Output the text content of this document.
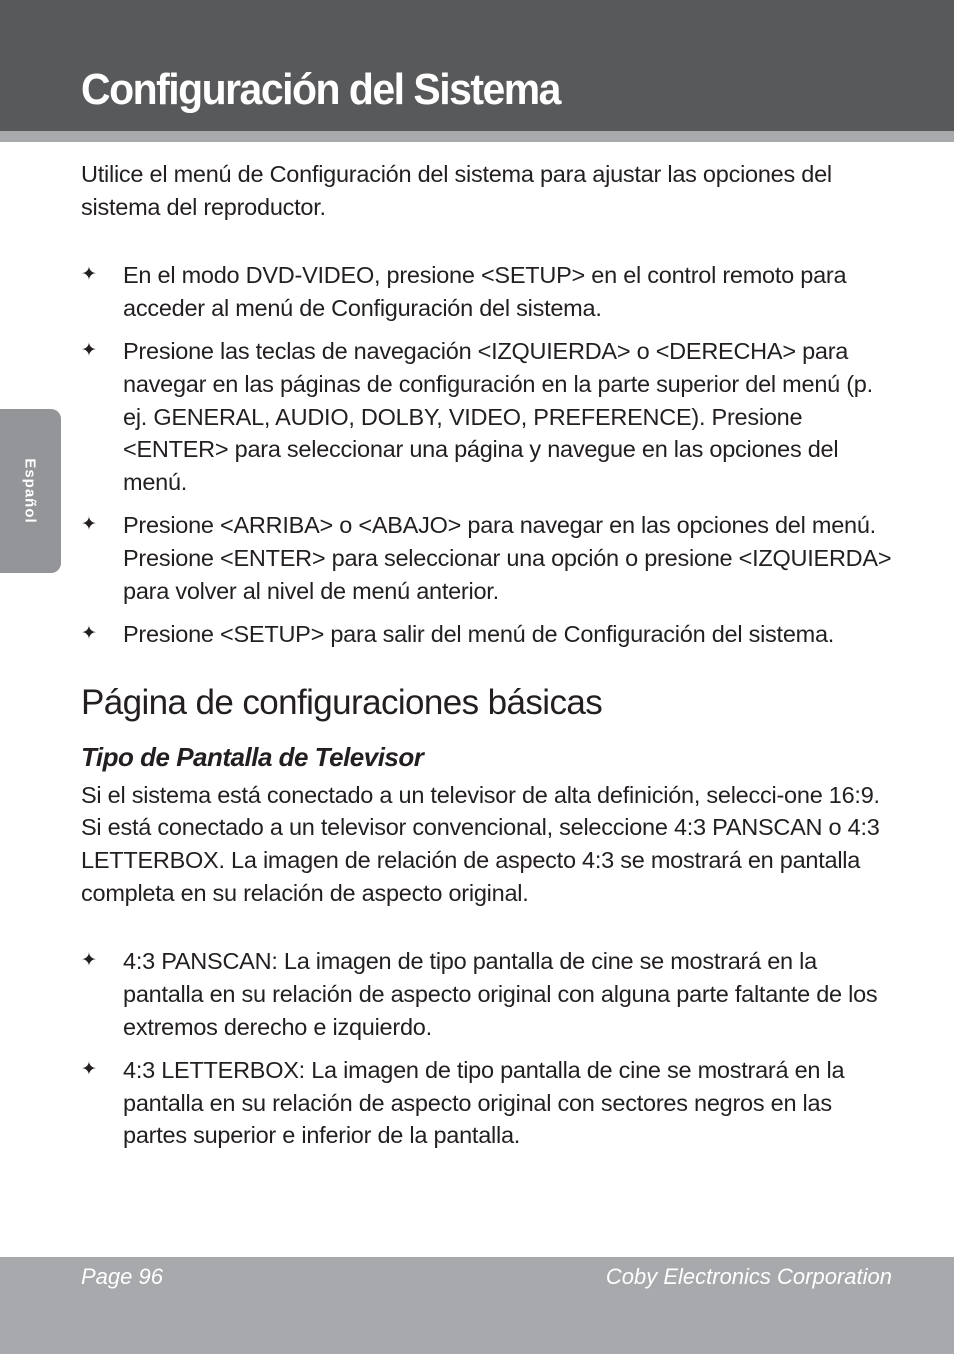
Configuración del Sistema
Español

Utilice el menú de Configuración del sistema para ajustar las opciones del sistema del reproductor.

✦ En el modo DVD-VIDEO, presione <SETUP> en el control remoto para acceder al menú de Configuración del sistema.
✦ Presione las teclas de navegación <IZQUIERDA> o <DERECHA> para navegar en las páginas de configuración en la parte superior del menú (p. ej. GENERAL, AUDIO, DOLBY, VIDEO, PREFERENCE). Presione <ENTER> para seleccionar una página y navegue en las opciones del menú.
✦ Presione <ARRIBA> o <ABAJO> para navegar en las opciones del menú. Presione <ENTER> para seleccionar una opción o presione <IZQUIERDA> para volver al nivel de menú anterior.
✦ Presione <SETUP> para salir del menú de Configuración del sistema.
Página de configuraciones básicas
Tipo de Pantalla de Televisor

Si el sistema está conectado a un televisor de alta definición, selecci-one 16:9. Si está conectado a un televisor convencional, seleccione 4:3 PANSCAN o 4:3 LETTERBOX. La imagen de relación de aspecto 4:3 se mostrará en pantalla completa en su relación de aspecto original.

✦ 4:3 PANSCAN: La imagen de tipo pantalla de cine se mostrará en la pantalla en su relación de aspecto original con alguna parte faltante de los extremos derecho e izquierdo.
✦ 4:3 LETTERBOX: La imagen de tipo pantalla de cine se mostrará en la pantalla en su relación de aspecto original con sectores negros en las partes superior e inferior de la pantalla.
Page 96	Coby Electronics Corporation
